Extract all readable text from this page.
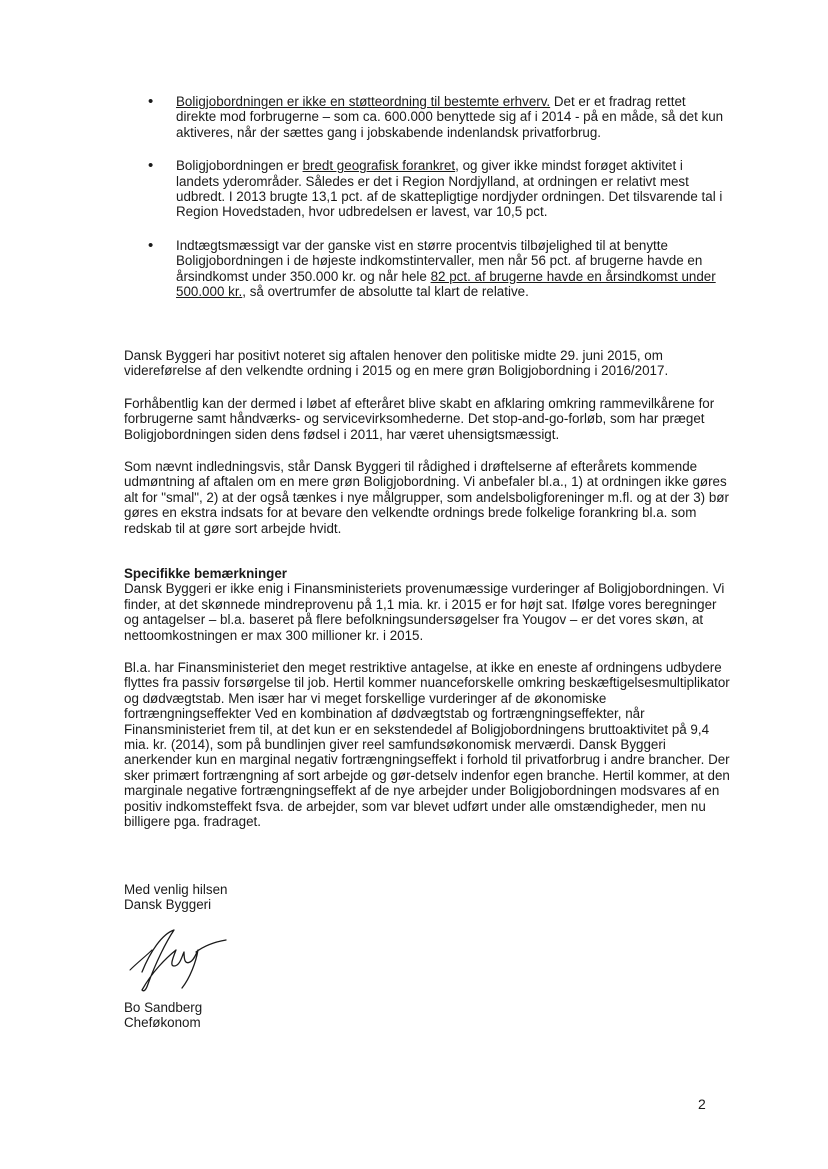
• Boligjobordningen er ikke en støtteordning til bestemte erhverv. Det er et fradrag rettet direkte mod forbrugerne – som ca. 600.000 benyttede sig af i 2014 - på en måde, så det kun aktiveres, når der sættes gang i jobskabende indenlandsk privatforbrug.
• Boligjobordningen er bredt geografisk forankret, og giver ikke mindst forøget aktivitet i landets yderområder. Således er det i Region Nordjylland, at ordningen er relativt mest udbredt. I 2013 brugte 13,1 pct. af de skattepligtige nordjyder ordningen. Det tilsvarende tal i Region Hovedstaden, hvor udbredelsen er lavest, var 10,5 pct.
• Indtægtsmæssigt var der ganske vist en større procentvis tilbøjelighed til at benytte Boligjobordningen i de højeste indkomstintervaller, men når 56 pct. af brugerne havde en årsindkomst under 350.000 kr. og når hele 82 pct. af brugerne havde en årsindkomst under 500.000 kr., så overtrumfer de absolutte tal klart de relative.

Dansk Byggeri har positivt noteret sig aftalen henover den politiske midte 29. juni 2015, om videreførelse af den velkendte ordning i 2015 og en mere grøn Boligjobordning i 2016/2017.

Forhåbentlig kan der dermed i løbet af efteråret blive skabt en afklaring omkring rammevilkårene for forbrugerne samt håndværks- og servicevirksomhederne. Det stop-and-go-forløb, som har præget Boligjobordningen siden dens fødsel i 2011, har været uhensigtsmæssigt.

Som nævnt indledningsvis, står Dansk Byggeri til rådighed i drøftelserne af efterårets kommende udmøntning af aftalen om en mere grøn Boligjobordning. Vi anbefaler bl.a., 1) at ordningen ikke gøres alt for "smal", 2) at der også tænkes i nye målgrupper, som andelsboligforeninger m.fl. og at der 3) bør gøres en ekstra indsats for at bevare den velkendte ordnings brede folkelige forankring bl.a. som redskab til at gøre sort arbejde hvidt.

Specifikke bemærkninger

Dansk Byggeri er ikke enig i Finansministeriets provenumæssige vurderinger af Boligjobordningen. Vi finder, at det skønnede mindreprovenu på 1,1 mia. kr. i 2015 er for højt sat. Ifølge vores beregninger og antagelser – bl.a. baseret på flere befolkningsundersøgelser fra Yougov – er det vores skøn, at nettoomkostningen er max 300 millioner kr. i 2015.

Bl.a. har Finansministeriet den meget restriktive antagelse, at ikke en eneste af ordningens udbydere flyttes fra passiv forsørgelse til job. Hertil kommer nuanceforskelle omkring beskæftigelsesmultiplikator og dødvægtstab. Men især har vi meget forskellige vurderinger af de økonomiske fortrængningseffekter Ved en kombination af dødvægtstab og fortrængningseffekter, når Finansministeriet frem til, at det kun er en sekstendedel af Boligjobordningens bruttoaktivitet på 9,4 mia. kr. (2014), som på bundlinjen giver reel samfundsøkonomisk merværdi. Dansk Byggeri anerkender kun en marginal negativ fortrængningseffekt i forhold til privatforbrug i andre brancher. Der sker primært fortrængning af sort arbejde og gør-detselv indenfor egen branche. Hertil kommer, at den marginale negative fortrængningseffekt af de nye arbejder under Boligjobordningen modsvares af en positiv indkomsteffekt fsva. de arbejder, som var blevet udført under alle omstændigheder, men nu billigere pga. fradraget.

Med venlig hilsen
Dansk Byggeri
Bo Sandberg
Cheføkonom
2
